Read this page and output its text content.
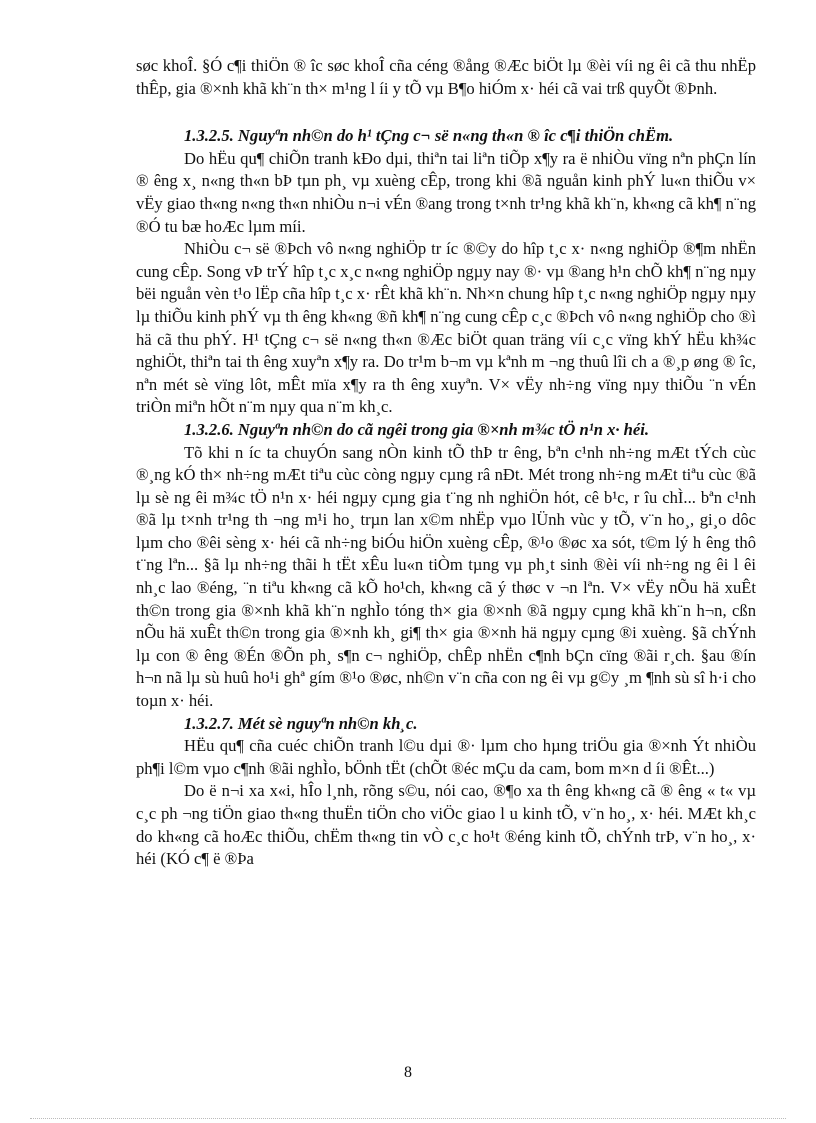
søc khoÎ. §Ó c¶i thiÖn ® îc søc khoÎ cña céng ®ång ®Æc biÖt lµ ®èi víi ng êi cã thu nhËp thÊp, gia ®×nh khã kh¨n th× m¹ng l íi y tÕ vµ B¶o hiÓm x· héi cã vai trß quyÕt ®Þnh.

1.3.2.5. Nguyªn nh©n do h¹ tÇng c¬ së n«ng th«n ® îc c¶i thiÖn chËm.

Do hËu qu¶ chiÕn tranh kÐo dµi, thiªn tai liªn tiÕp x¶y ra ë nhiÒu vïng nªn phÇn lín ® êng x¸ n«ng th«n bÞ tµn ph¸ vµ xuèng cÊp, trong khi ®ã nguån kinh phÝ lu«n thiÕu v× vËy giao th«ng n«ng th«n nhiÒu n¬i vÉn ®ang trong t×nh tr¹ng khã kh¨n, kh«ng cã kh¶ n¨ng ®Ó tu bæ hoÆc lµm míi.

NhiÒu c¬ së ®Þch vô n«ng nghiÖp tr íc ®©y do hîp t¸c x· n«ng nghiÖp ®¶m nhËn cung cÊp. Song vÞ trÝ hîp t¸c x¸c n«ng nghiÖp ngµy nay ®· vµ ®ang h¹n chÕ kh¶ n¨ng nµy bëi nguån vèn t¹o lËp cña hîp t¸c x· rÊt khã kh¨n. Nh×n chung hîp t¸c n«ng nghiÖp ngµy nµy lµ thiÕu kinh phÝ vµ th êng kh«ng ®ñ kh¶ n¨ng cung cÊp c¸c ®Þch vô n«ng nghiÖp cho ®ì hä cã thu phÝ. H¹ tÇng c¬ së n«ng th«n ®Æc biÖt quan träng víi c¸c vïng khÝ hËu kh¾c nghiÖt, thiªn tai th êng xuyªn x¶y ra. Do tr¹m b¬m vµ kªnh m ¬ng thuû lîi ch a ®¸p øng ® îc, nªn mét sè vïng lôt, mÊt mïa x¶y ra th êng xuyªn. V× vËy nh÷ng vïng nµy thiÕu ¨n vÉn triÒn miªn hÕt n¨m nµy qua n¨m kh¸c.

1.3.2.6. Nguyªn nh©n do cã ngêi trong gia ®×nh m¾c tÖ n¹n x· héi.

Tõ khi n íc ta chuyÓn sang nÒn kinh tÕ thÞ tr êng, bªn c¹nh nh÷ng mÆt tÝch cùc ®¸ng kÓ th× nh÷ng mÆt tiªu cùc còng ngµy cµng râ nÐt. Mét trong nh÷ng mÆt tiªu cùc ®ã lµ sè ng êi m¾c tÖ n¹n x· héi ngµy cµng gia t¨ng nh nghiÖn hót, cê b¹c, r îu chÌ... bªn c¹nh ®ã lµ t×nh tr¹ng th ¬ng m¹i ho¸ trµn lan x©m nhËp vµo lÜnh vùc y tÕ, v¨n ho¸, gi¸o dôc lµm cho ®êi sèng x· héi cã nh÷ng biÓu hiÖn xuèng cÊp, ®¹o ®øc xa sót, t©m lý h êng thô t¨ng lªn... §ã lµ nh÷ng thãi h tËt xÊu lu«n tiÒm tµng vµ ph¸t sinh ®èi víi nh÷ng ng êi l êi nh¸c lao ®éng, ¨n tiªu kh«ng cã kÕ ho¹ch, kh«ng cã ý thøc v ¬n lªn. V× vËy nÕu hä xuÊt th©n trong gia ®×nh khã kh¨n nghÌo tóng th× gia ®×nh ®ã ngµy cµng khã kh¨n h¬n, cßn nÕu hä xuÊt th©n trong gia ®×nh kh¸ gi¶ th× gia ®×nh hä ngµy cµng ®i xuèng. §ã chÝnh lµ con ® êng ®Én ®Õn ph¸ s¶n c¬ nghiÖp, chÊp nhËn c¶nh bÇn cïng ®ãi r¸ch. §au ®ín h¬n nã lµ sù huû ho¹i ghª gím ®¹o ®øc, nh©n v¨n cña con ng êi vµ g©y ¸m ¶nh sù sî h·i cho toµn x· héi.

1.3.2.7. Mét sè nguyªn nh©n kh¸c.

HËu qu¶ cña cuéc chiÕn tranh l©u dµi ®· lµm cho hµng triÖu gia ®×nh Ýt nhiÒu ph¶i l©m vµo c¶nh ®ãi nghÌo, bÖnh tËt (chÕt ®éc mÇu da cam, bom m×n d íi ®Êt...)

Do ë n¬i xa x«i, hÎo l¸nh, rõng s©u, nói cao, ®¶o xa th êng kh«ng cã ® êng « t« vµ c¸c ph ¬ng tiÖn giao th«ng thuËn tiÖn cho viÖc giao l u kinh tÕ, v¨n ho¸, x· héi. MÆt kh¸c do kh«ng cã hoÆc thiÕu, chËm th«ng tin vÒ c¸c ho¹t ®éng kinh tÕ, chÝnh trÞ, v¨n ho¸, x· héi (KÓ c¶ ë ®Þa

8
